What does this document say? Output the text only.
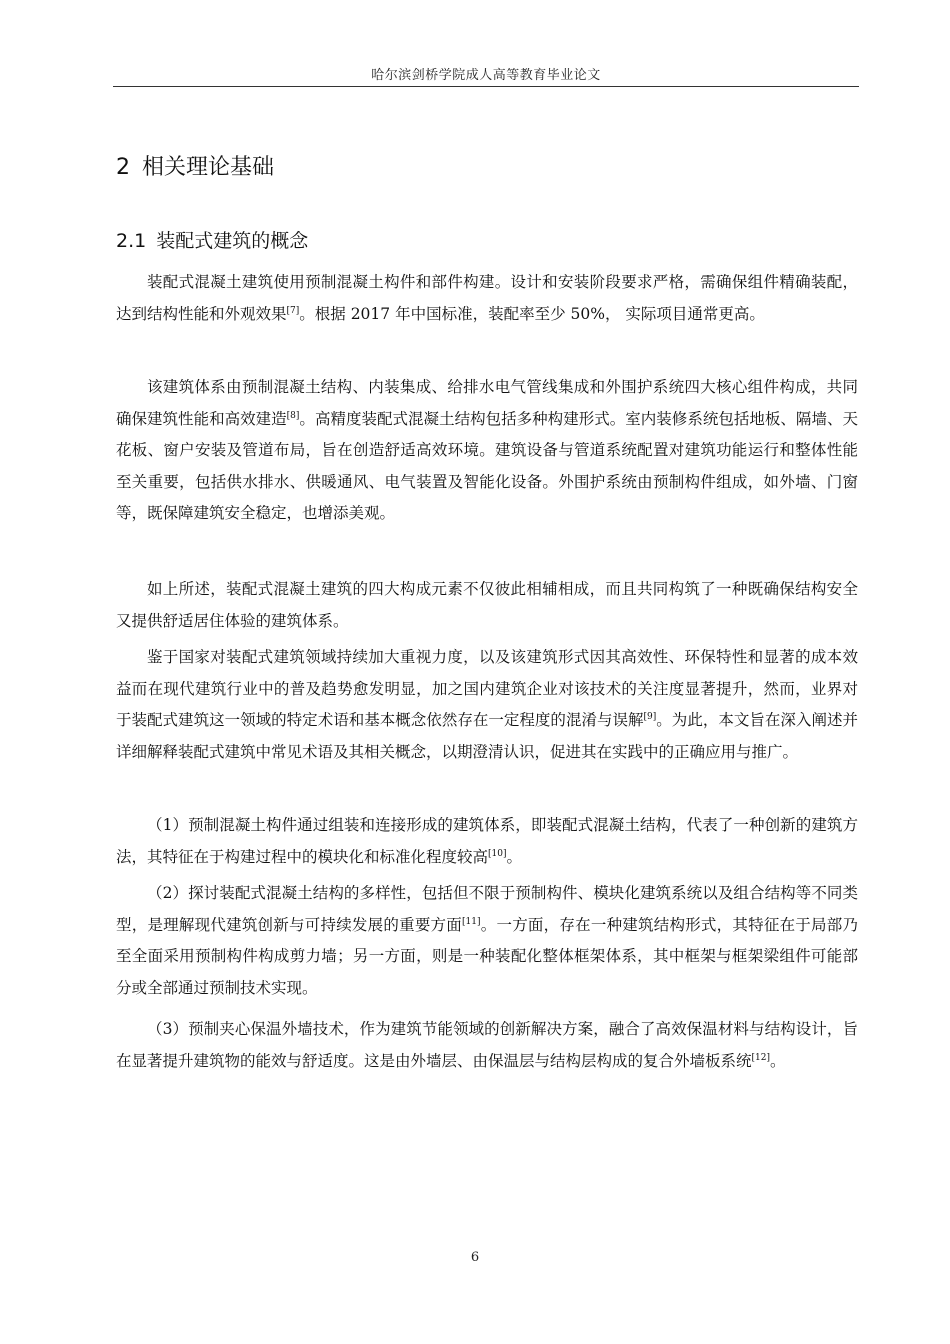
哈尔滨剑桥学院成人高等教育毕业论文
2 相关理论基础
2.1 装配式建筑的概念

装配式混凝土建筑使用预制混凝土构件和部件构建。设计和安装阶段要求严格，需确保组件精确装配，达到结构性能和外观效果[7]。根据 2017 年中国标准，装配率至少 50%， 实际项目通常更高。

该建筑体系由预制混凝土结构、内装集成、给排水电气管线集成和外围护系统四大核心组件构成，共同确保建筑性能和高效建造[8]。高精度装配式混凝土结构包括多种构建形式。室内装修系统包括地板、隔墙、天花板、窗户安装及管道布局，旨在创造舒适高效环境。建筑设备与管道系统配置对建筑功能运行和整体性能至关重要，包括供水排水、供暖通风、电气装置及智能化设备。外围护系统由预制构件组成，如外墙、门窗等，既保障建筑安全稳定，也增添美观。

如上所述，装配式混凝土建筑的四大构成元素不仅彼此相辅相成，而且共同构筑了一种既确保结构安全又提供舒适居住体验的建筑体系。

鉴于国家对装配式建筑领域持续加大重视力度，以及该建筑形式因其高效性、环保特性和显著的成本效益而在现代建筑行业中的普及趋势愈发明显，加之国内建筑企业对该技术的关注度显著提升，然而，业界对于装配式建筑这一领域的特定术语和基本概念依然存在一定程度的混淆与误解[9]。为此，本文旨在深入阐述并详细解释装配式建筑中常见术语及其相关概念，以期澄清认识，促进其在实践中的正确应用与推广。

（1）预制混凝土构件通过组装和连接形成的建筑体系，即装配式混凝土结构，代表了一种创新的建筑方法，其特征在于构建过程中的模块化和标准化程度较高[10]。

（2）探讨装配式混凝土结构的多样性，包括但不限于预制构件、模块化建筑系统以及组合结构等不同类型，是理解现代建筑创新与可持续发展的重要方面[11]。一方面，存在一种建筑结构形式，其特征在于局部乃至全面采用预制构件构成剪力墙；另一方面，则是一种装配化整体框架体系，其中框架与框架梁组件可能部分或全部通过预制技术实现。

（3）预制夹心保温外墙技术，作为建筑节能领域的创新解决方案，融合了高效保温材料与结构设计，旨在显著提升建筑物的能效与舒适度。这是由外墙层、由保温层与结构层构成的复合外墙板系统[12]。

6
